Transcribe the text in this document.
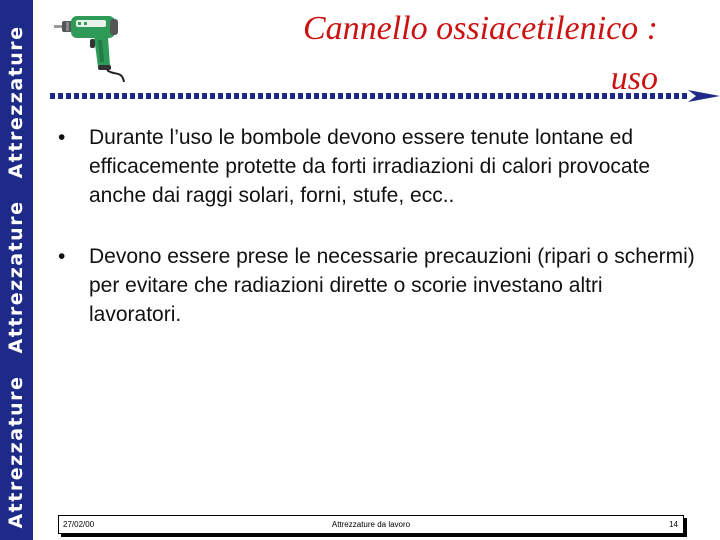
Attrezzature Attrezzature Attrezzature	Cannello ossiacetilenico :
uso
• Durante l’uso le bombole devono essere tenute lontane ed efficacemente protette da forti irradiazioni di calori provocate anche dai raggi solari, forni, stufe, ecc..
• Devono essere prese le necessarie precauzioni (ripari o schermi) per evitare che radiazioni dirette o scorie investano altri lavoratori.
27/02/00	Attrezzature da lavoro	14
